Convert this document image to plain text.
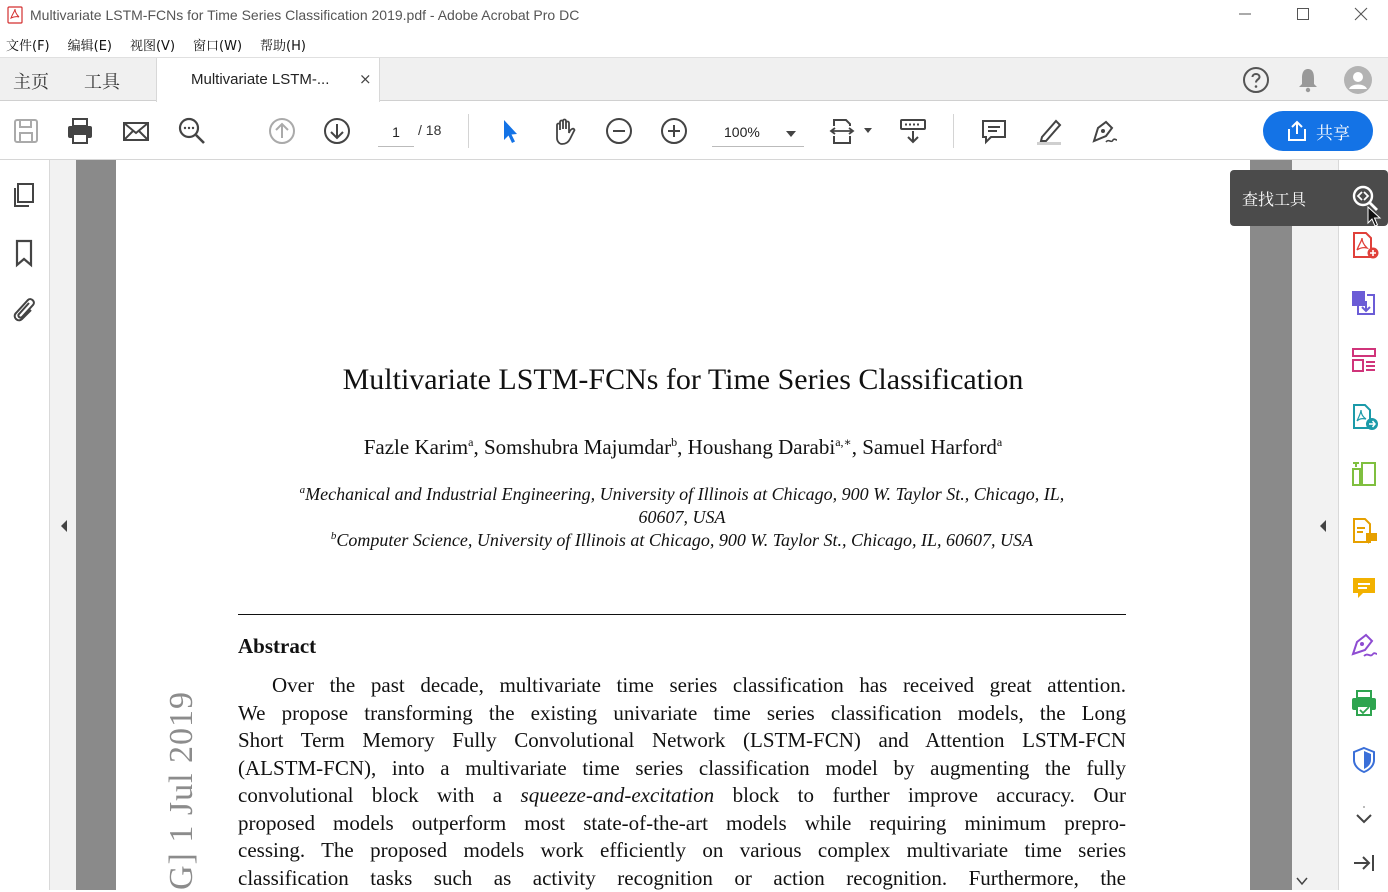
Multivariate LSTM-FCNs for Time Series Classification 2019.pdf - Adobe Acrobat Pro DC
文件(F) 编辑(E) 视图(V) 窗口(W) 帮助(H)
主页 工具	Multivariate LSTM-... ×
1	/ 18	100%	共享
G] 1 Jul 2019
Multivariate LSTM-FCNs for Time Series Classification
Fazle Karim$^a$, Somshubra Majumdar$^b$, Houshang Darabi$^{a,∗}$, Samuel Harford$^a$
$^a$Mechanical and Industrial Engineering, University of Illinois at Chicago, 900 W. Taylor St., Chicago, IL,
60607, USA
$^b$Computer Science, University of Illinois at Chicago, 900 W. Taylor St., Chicago, IL, 60607, USA
Abstract

Over the past decade, multivariate time series classification has received great attention.

We propose transforming the existing univariate time series classification models, the Long

Short Term Memory Fully Convolutional Network (LSTM-FCN) and Attention LSTM-FCN

(ALSTM-FCN), into a multivariate time series classification model by augmenting the fully

convolutional block with a squeeze-and-excitation block to further improve accuracy. Our

proposed models outperform most state-of-the-art models while requiring minimum prepro-

cessing. The proposed models work efficiently on various complex multivariate time series

classification tasks such as activity recognition or action recognition. Furthermore, the

查找工具
